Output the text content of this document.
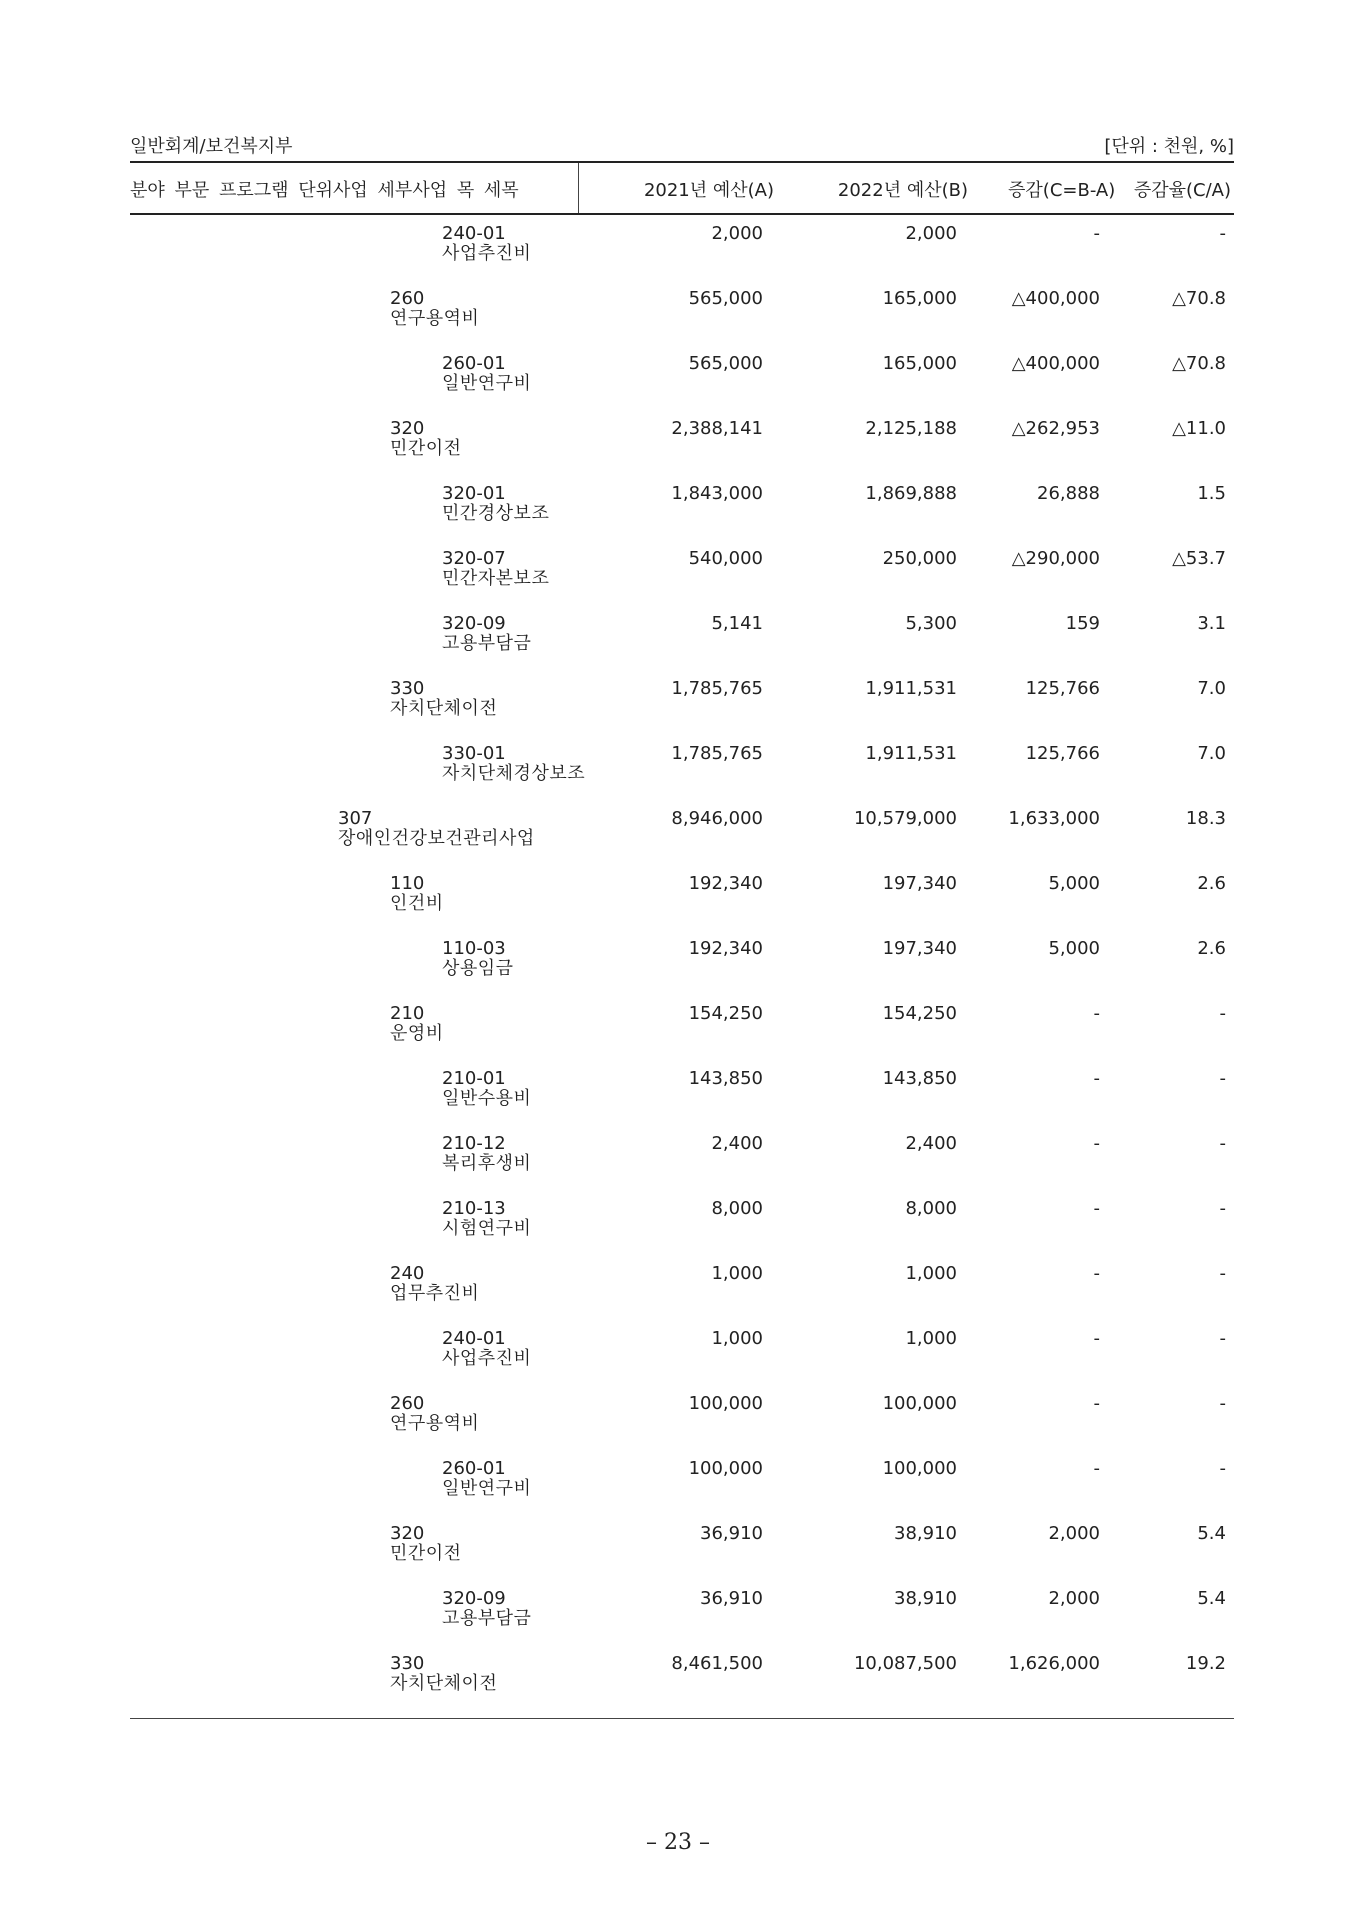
일반회계/보건복지부	[단위 : 천원, %]
분야 부문 프로그램 단위사업 세부사업 목 세목	2021년 예산(A)	2022년 예산(B)	증감(C=B-A) 증감율(C/A)
240-01
사업추진비
2,000	2,000	-	-
260
연구용역비
565,000	165,000	△400,000	△70.8
260-01
일반연구비
565,000	165,000	△400,000	△70.8
320
민간이전
2,388,141	2,125,188	△262,953	△11.0
320-01
민간경상보조
1,843,000	1,869,888	26,888	1.5
320-07
민간자본보조
540,000	250,000	△290,000	△53.7
320-09
고용부담금
5,141	5,300	159	3.1
330
자치단체이전
1,785,765	1,911,531	125,766	7.0
330-01
자치단체경상보조
1,785,765	1,911,531	125,766	7.0
307
장애인건강보건관리사업
8,946,000	10,579,000	1,633,000	18.3
110
인건비
192,340	197,340	5,000	2.6
110-03
상용임금
192,340	197,340	5,000	2.6
210
운영비
154,250	154,250	-	-
210-01
일반수용비
143,850	143,850	-	-
210-12
복리후생비
2,400	2,400	-	-
210-13
시험연구비
8,000	8,000	-	-
240
업무추진비
1,000	1,000	-	-
240-01
사업추진비
1,000	1,000	-	-
260
연구용역비
100,000	100,000	-	-
260-01
일반연구비
100,000	100,000	-	-
320
민간이전
36,910	38,910	2,000	5.4
320-09
고용부담금
36,910	38,910	2,000	5.4
330
자치단체이전
8,461,500	10,087,500	1,626,000	19.2
– 23 –
